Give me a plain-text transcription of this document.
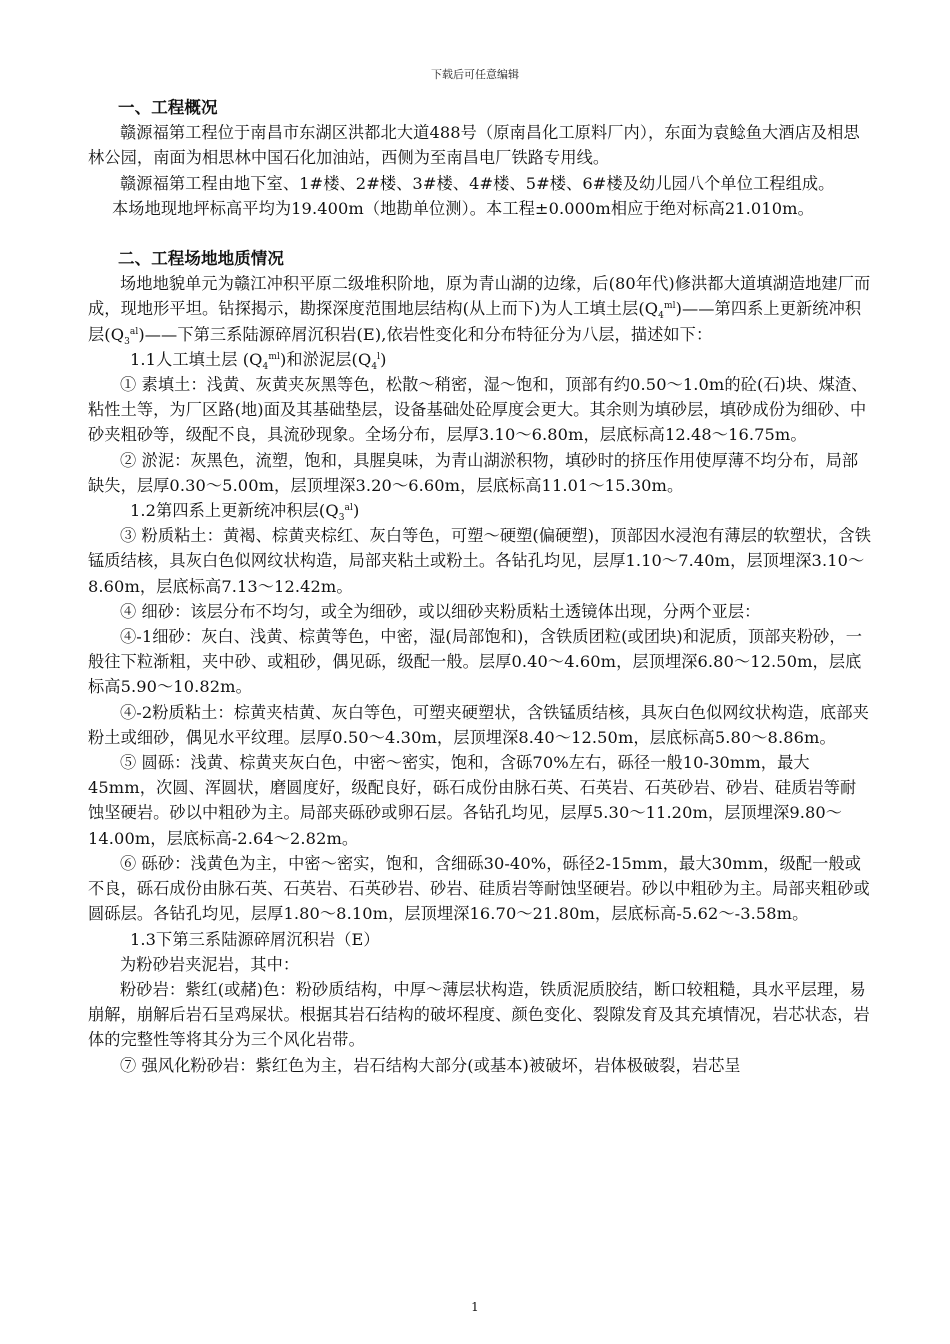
下载后可任意编辑

一、工程概况

赣源福第工程位于南昌市东湖区洪都北大道488号（原南昌化工原料厂内），东面为袁鲶鱼大酒店及相思林公园，南面为相思林中国石化加油站，西侧为至南昌电厂铁路专用线。

赣源福第工程由地下室、1#楼、2#楼、3#楼、4#楼、5#楼、6#楼及幼儿园八个单位工程组成。

本场地现地坪标高平均为19.400m（地勘单位测）。本工程±0.000m相应于绝对标高21.010m。

二、工程场地地质情况

场地地貌单元为赣江冲积平原二级堆积阶地，原为青山湖的边缘，后(80年代)修洪都大道填湖造地建厂而成，现地形平坦。钻探揭示，勘探深度范围地层结构(从上而下)为人工填土层$(Q_4^{ml})——$第四系上更新统冲积层$(Q_3^{al})——$下第三系陆源碎屑沉积岩(E),依岩性变化和分布特征分为八层，描述如下：

1.1人工填土层 $(Q_4^{ml})$和淤泥层$(Q_4^l)$

① 素填土：浅黄、灰黄夹灰黑等色，松散～稍密，湿～饱和，顶部有约0.50～1.0m的砼(石)块、煤渣、粘性土等，为厂区路(地)面及其基础垫层，设备基础处砼厚度会更大。其余则为填砂层，填砂成份为细砂、中砂夹粗砂等，级配不良，具流砂现象。全场分布，层厚3.10～6.80m，层底标高12.48～16.75m。

② 淤泥：灰黑色，流塑，饱和，具腥臭味，为青山湖淤积物，填砂时的挤压作用使厚薄不均分布，局部缺失，层厚0.30～5.00m，层顶埋深3.20～6.60m，层底标高11.01～15.30m。

1.2第四系上更新统冲积层$(Q_3^{al})$

③ 粉质粘土：黄褐、棕黄夹棕红、灰白等色，可塑～硬塑(偏硬塑)，顶部因水浸泡有薄层的软塑状，含铁锰质结核，具灰白色似网纹状构造，局部夹粘土或粉土。各钻孔均见，层厚1.10～7.40m，层顶埋深3.10～8.60m，层底标高7.13～12.42m。

④ 细砂：该层分布不均匀，或全为细砂，或以细砂夹粉质粘土透镜体出现，分两个亚层：

④-1细砂：灰白、浅黄、棕黄等色，中密，湿(局部饱和)，含铁质团粒(或团块)和泥质，顶部夹粉砂，一般往下粒渐粗，夹中砂、或粗砂，偶见砾，级配一般。层厚0.40～4.60m，层顶埋深6.80～12.50m，层底标高5.90～10.82m。

④-2粉质粘土：棕黄夹桔黄、灰白等色，可塑夹硬塑状，含铁锰质结核，具灰白色似网纹状构造，底部夹粉土或细砂，偶见水平纹理。层厚0.50～4.30m，层顶埋深8.40～12.50m，层底标高5.80～8.86m。

⑤ 圆砾：浅黄、棕黄夹灰白色，中密～密实，饱和，含砾70%左右，砾径一般10-30mm，最大45mm，次圆、浑圆状，磨圆度好，级配良好，砾石成份由脉石英、石英岩、石英砂岩、砂岩、硅质岩等耐蚀坚硬岩。砂以中粗砂为主。局部夹砾砂或卵石层。各钻孔均见，层厚5.30～11.20m，层顶埋深9.80～14.00m，层底标高-2.64～2.82m。

⑥ 砾砂：浅黄色为主，中密～密实，饱和，含细砾30-40%，砾径2-15mm，最大30mm，级配一般或不良，砾石成份由脉石英、石英岩、石英砂岩、砂岩、硅质岩等耐蚀坚硬岩。砂以中粗砂为主。局部夹粗砂或圆砾层。各钻孔均见，层厚1.80～8.10m，层顶埋深16.70～21.80m，层底标高-5.62～-3.58m。

1.3下第三系陆源碎屑沉积岩（E）

为粉砂岩夹泥岩，其中：

粉砂岩：紫红(或赭)色：粉砂质结构，中厚～薄层状构造，铁质泥质胶结，断口较粗糙，具水平层理，易崩解，崩解后岩石呈鸡屎状。根据其岩石结构的破坏程度、颜色变化、裂隙发育及其充填情况，岩芯状态，岩体的完整性等将其分为三个风化岩带。

⑦ 强风化粉砂岩：紫红色为主，岩石结构大部分(或基本)被破坏，岩体极破裂，岩芯呈

1
